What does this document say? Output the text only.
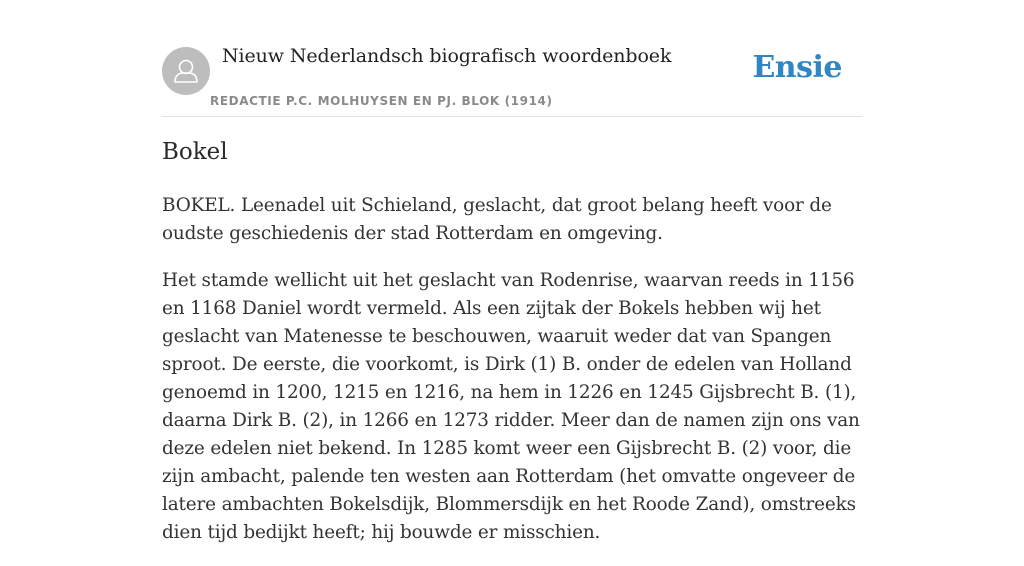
Nieuw Nederlandsch biografisch woordenboek
REDACTIE P.C. MOLHUYSEN EN PJ. BLOK (1914)
Ensie
Bokel

BOKEL. Leenadel uit Schieland, geslacht, dat groot belang heeft voor de oudste geschiedenis der stad Rotterdam en omgeving.

Het stamde wellicht uit het geslacht van Rodenrise, waarvan reeds in 1156 en 1168 Daniel wordt vermeld. Als een zijtak der Bokels hebben wij het geslacht van Matenesse te beschouwen, waaruit weder dat van Spangen sproot. De eerste, die voorkomt, is Dirk (1) B. onder de edelen van Holland genoemd in 1200, 1215 en 1216, na hem in 1226 en 1245 Gijsbrecht B. (1), daarna Dirk B. (2), in 1266 en 1273 ridder. Meer dan de namen zijn ons van deze edelen niet bekend. In 1285 komt weer een Gijsbrecht B. (2) voor, die zijn ambacht, palende ten westen aan Rotterdam (het omvatte ongeveer de latere ambachten Bokelsdijk, Blommersdijk en het Roode Zand), omstreeks dien tijd bedijkt heeft; hij bouwde er misschien.
